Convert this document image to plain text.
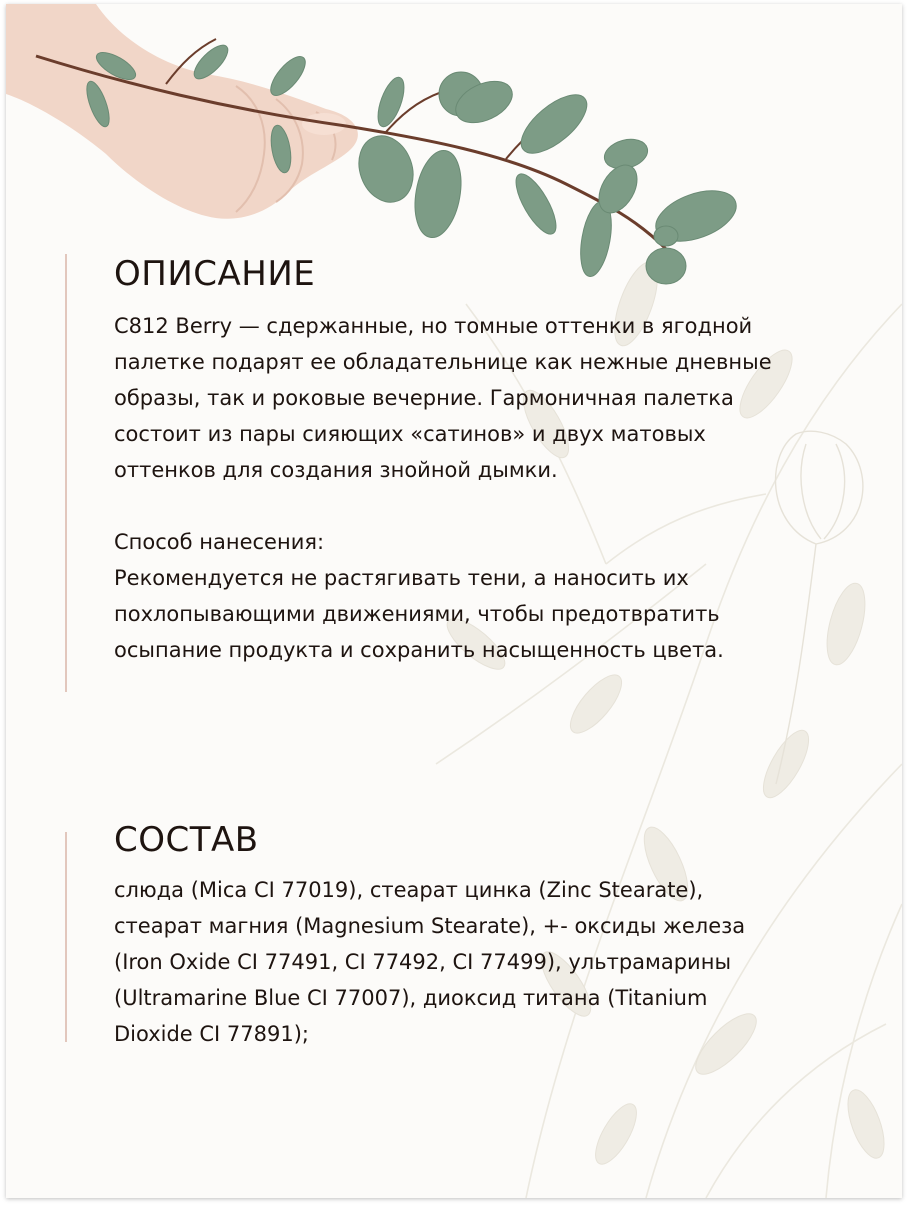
ОПИСАНИЕ

C812 Berry — сдержанные, но томные оттенки в ягодной
палетке подарят ее обладательнице как нежные дневные
образы, так и роковые вечерние. Гармоничная палетка
состоит из пары сияющих «сатинов» и двух матовых
оттенков для создания знойной дымки.

Способ нанесения:

Рекомендуется не растягивать тени, а наносить их
похлопывающими движениями, чтобы предотвратить
осыпание продукта и сохранить насыщенность цвета.

СОСТАВ

слюда (Mica CI 77019), стеарат цинка (Zinc Stearate),
стеарат магния (Magnesium Stearate), +- оксиды железа
(Iron Oxide CI 77491, CI 77492, CI 77499), ультрамарины
(Ultramarine Blue CI 77007), диоксид титана (Titanium
Dioxide CI 77891);
